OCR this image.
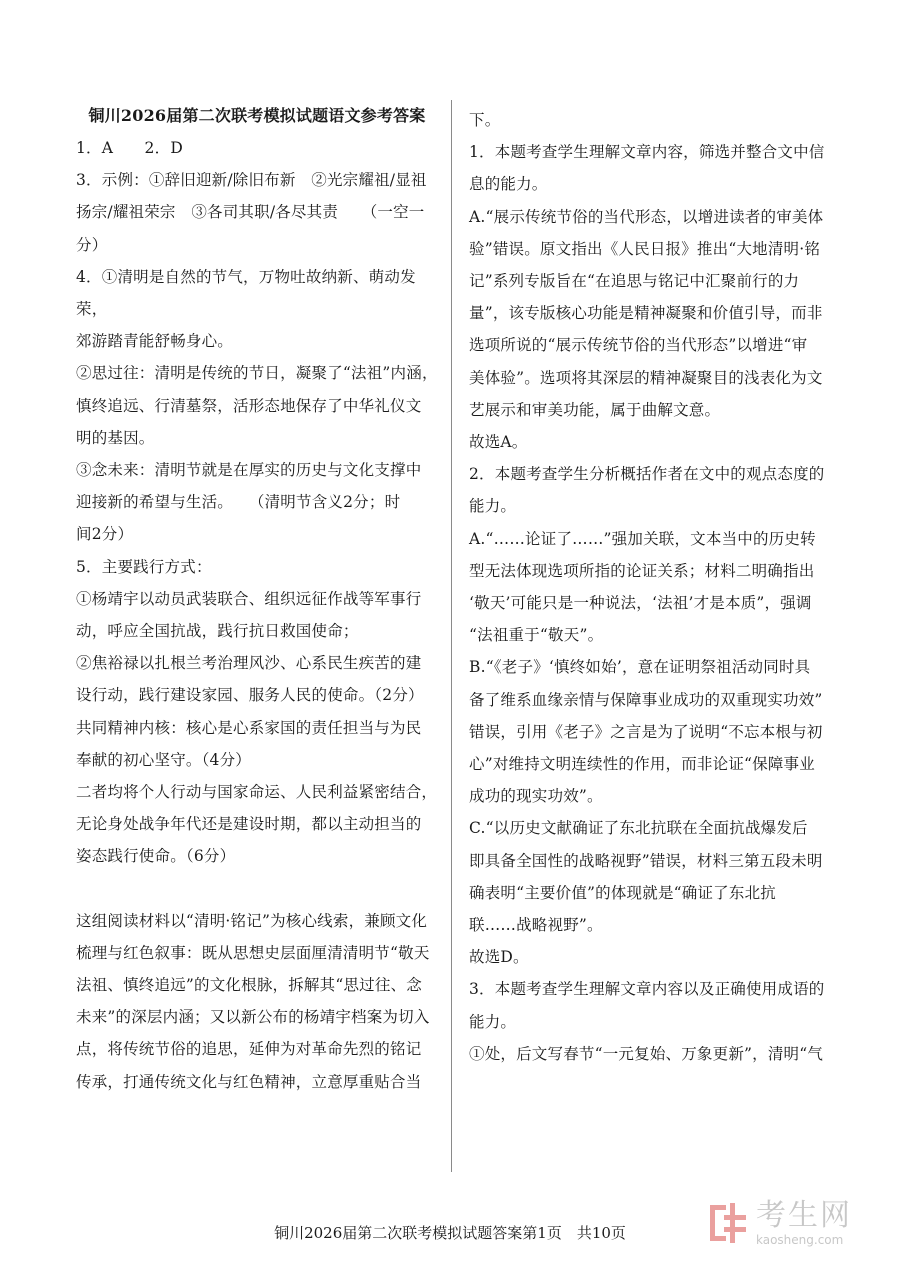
铜川2026届第二次联考模拟试题语文参考答案
1．A　　2．D
3．示例：①辞旧迎新/除旧布新　②光宗耀祖/显祖
扬宗/耀祖荣宗　③各司其职/各尽其责　　（一空一
分）
4．①清明是自然的节气，万物吐故纳新、萌动发荣，
郊游踏青能舒畅身心。
②思过往：清明是传统的节日，凝聚了“法祖”内涵，
慎终追远、行清墓祭，活形态地保存了中华礼仪文
明的基因。
③念未来：清明节就是在厚实的历史与文化支撑中
迎接新的希望与生活。　　（清明节含义2分；时
间2分）
5．主要践行方式：
①杨靖宇以动员武装联合、组织远征作战等军事行
动，呼应全国抗战，践行抗日救国使命；
②焦裕禄以扎根兰考治理风沙、心系民生疾苦的建
设行动，践行建设家园、服务人民的使命。（2分）
共同精神内核：核心是心系家国的责任担当与为民
奉献的初心坚守。（4分）
二者均将个人行动与国家命运、人民利益紧密结合，
无论身处战争年代还是建设时期，都以主动担当的
姿态践行使命。（6分）
这组阅读材料以“清明·铭记”为核心线索，兼顾文化
梳理与红色叙事：既从思想史层面厘清清明节“敬天
法祖、慎终追远”的文化根脉，拆解其“思过往、念
未来”的深层内涵；又以新公布的杨靖宇档案为切入
点，将传统节俗的追思，延伸为对革命先烈的铭记
传承，打通传统文化与红色精神，立意厚重贴合当
下。
1．本题考查学生理解文章内容，筛选并整合文中信
息的能力。
A.“展示传统节俗的当代形态，以增进读者的审美体
验”错误。原文指出《人民日报》推出“大地清明·铭
记”系列专版旨在“在追思与铭记中汇聚前行的力
量”，该专版核心功能是精神凝聚和价值引导，而非
选项所说的“展示传统节俗的当代形态”以增进“审
美体验”。选项将其深层的精神凝聚目的浅表化为文
艺展示和审美功能，属于曲解文意。
故选A。
2．本题考查学生分析概括作者在文中的观点态度的
能力。
A.“……论证了……”强加关联，文本当中的历史转
型无法体现选项所指的论证关系；材料二明确指出
‘敬天’可能只是一种说法，‘法祖’才是本质”，强调
“法祖重于“敬天”。
B.“《老子》‘慎终如始’，意在证明祭祖活动同时具
备了维系血缘亲情与保障事业成功的双重现实功效”
错误，引用《老子》之言是为了说明“不忘本根与初
心”对维持文明连续性的作用，而非论证“保障事业
成功的现实功效”。
C.“以历史文献确证了东北抗联在全面抗战爆发后
即具备全国性的战略视野”错误，材料三第五段未明
确表明“主要价值”的体现就是“确证了东北抗
联……战略视野”。
故选D。
3．本题考查学生理解文章内容以及正确使用成语的
能力。
①处，后文写春节“一元复始、万象更新”，清明“气
铜川2026届第二次联考模拟试题答案第1页　共10页
考生网
kaosheng.com
